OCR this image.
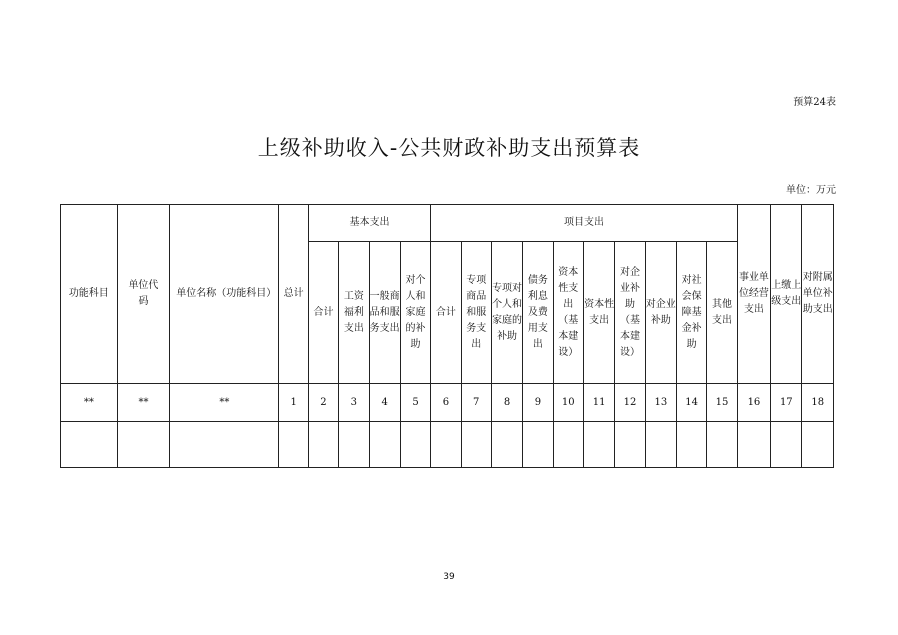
预算24表
上级补助收入-公共财政补助支出预算表
单位：万元
功能科目	单位代码	单位名称（功能科目）	总计	基本支出				项目支出										事业单位经营支出	上缴上级支出	对附属单位补助支出
				合计	工资福利支出	一般商品和服务支出	对个人和家庭的补助	合计	专项商品和服务支出	专项对个人和家庭的补助	债务利息及费用支出	资本性支出（基本建设）	资本性支出	对企业补助（基本建设）	对企业补助	对社会保障基金补助	其他支出			
**	**	**	1	2	3	4	5	6	7	8	9	10	11	12	13	14	15	16	17	18

39
